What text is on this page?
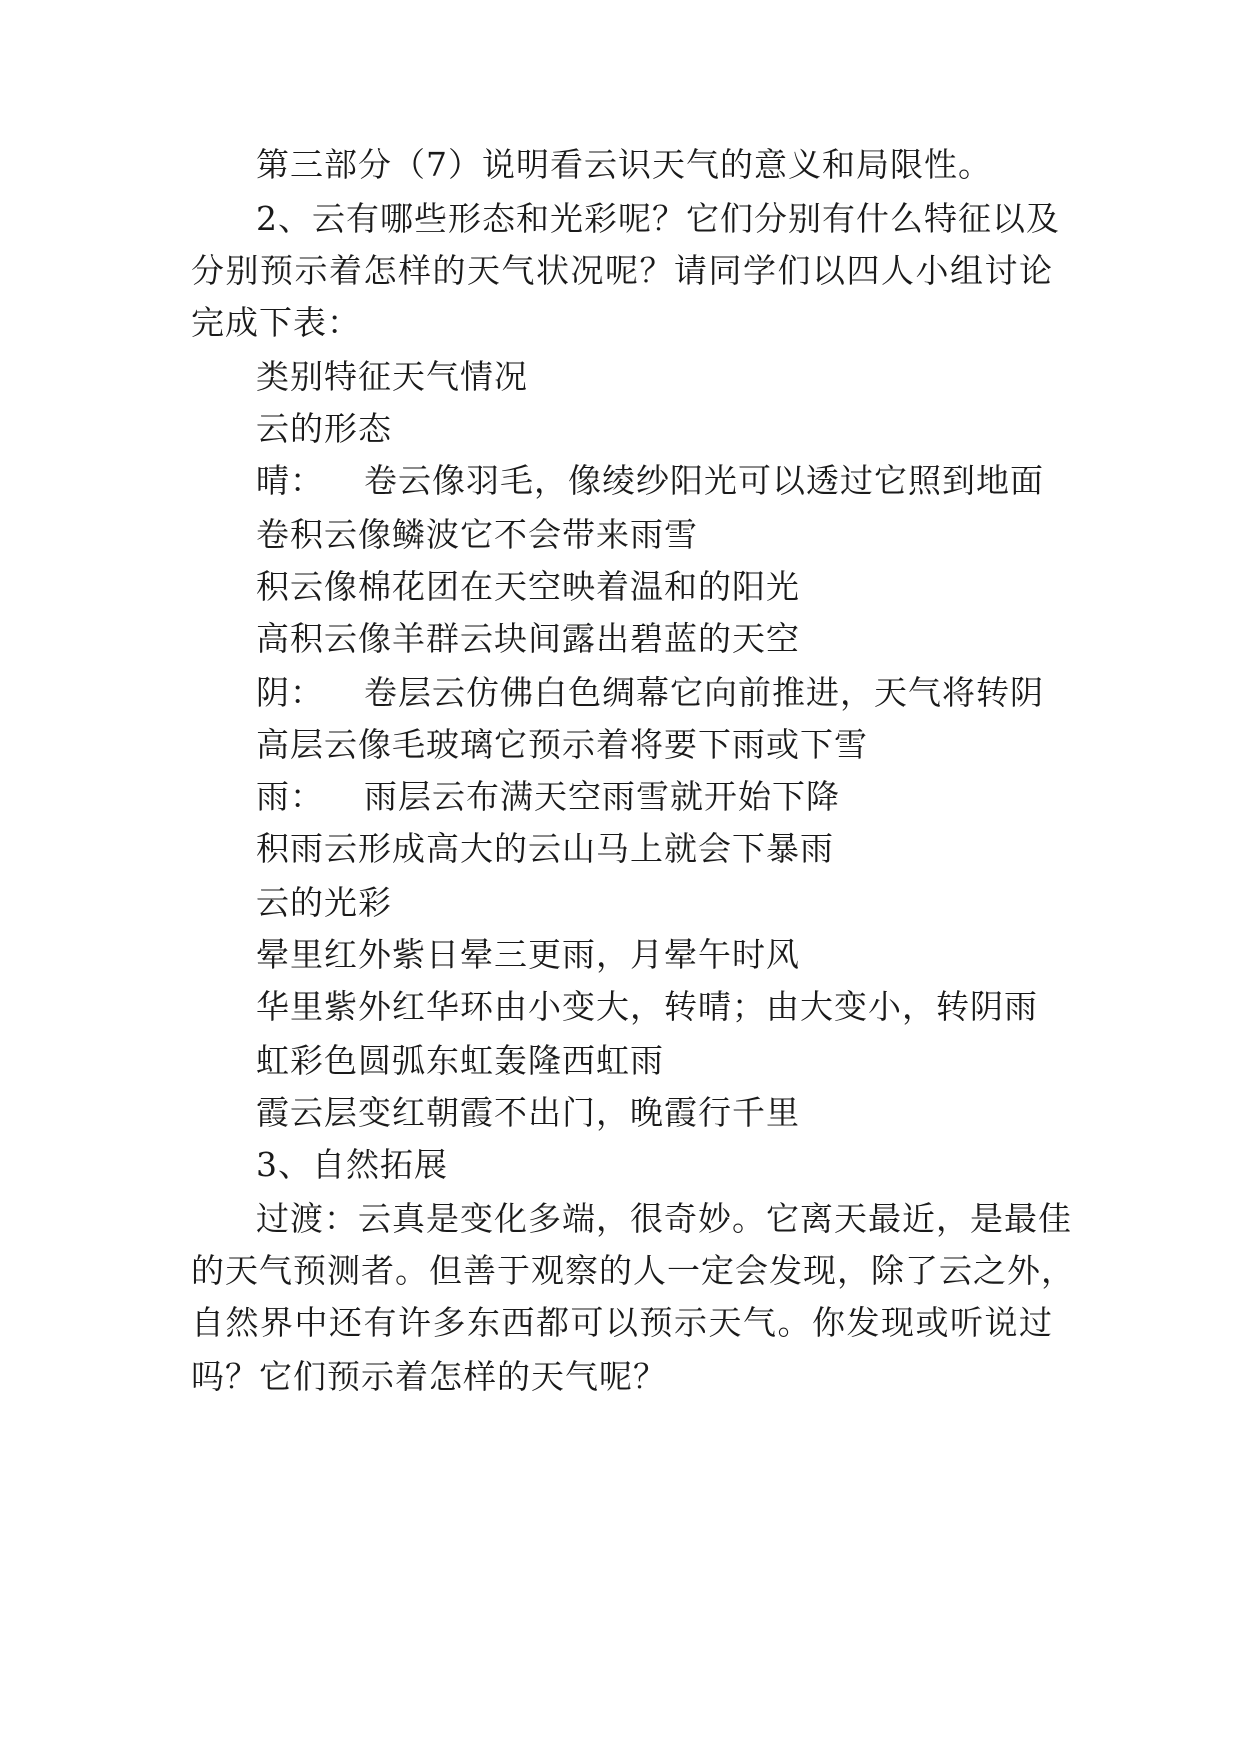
第三部分（7）说明看云识天气的意义和局限性。
2、云有哪些形态和光彩呢？它们分别有什么特征以及
分别预示着怎样的天气状况呢？请同学们以四人小组讨论
完成下表：
类别特征天气情况
云的形态
晴： 卷云像羽毛，像绫纱阳光可以透过它照到地面
卷积云像鳞波它不会带来雨雪
积云像棉花团在天空映着温和的阳光
高积云像羊群云块间露出碧蓝的天空
阴： 卷层云仿佛白色绸幕它向前推进，天气将转阴
高层云像毛玻璃它预示着将要下雨或下雪
雨： 雨层云布满天空雨雪就开始下降
积雨云形成高大的云山马上就会下暴雨
云的光彩
晕里红外紫日晕三更雨，月晕午时风
华里紫外红华环由小变大，转晴；由大变小，转阴雨
虹彩色圆弧东虹轰隆西虹雨
霞云层变红朝霞不出门，晚霞行千里
3、自然拓展
过渡：云真是变化多端，很奇妙。它离天最近，是最佳
的天气预测者。但善于观察的人一定会发现，除了云之外，
自然界中还有许多东西都可以预示天气。你发现或听说过
吗？它们预示着怎样的天气呢？
